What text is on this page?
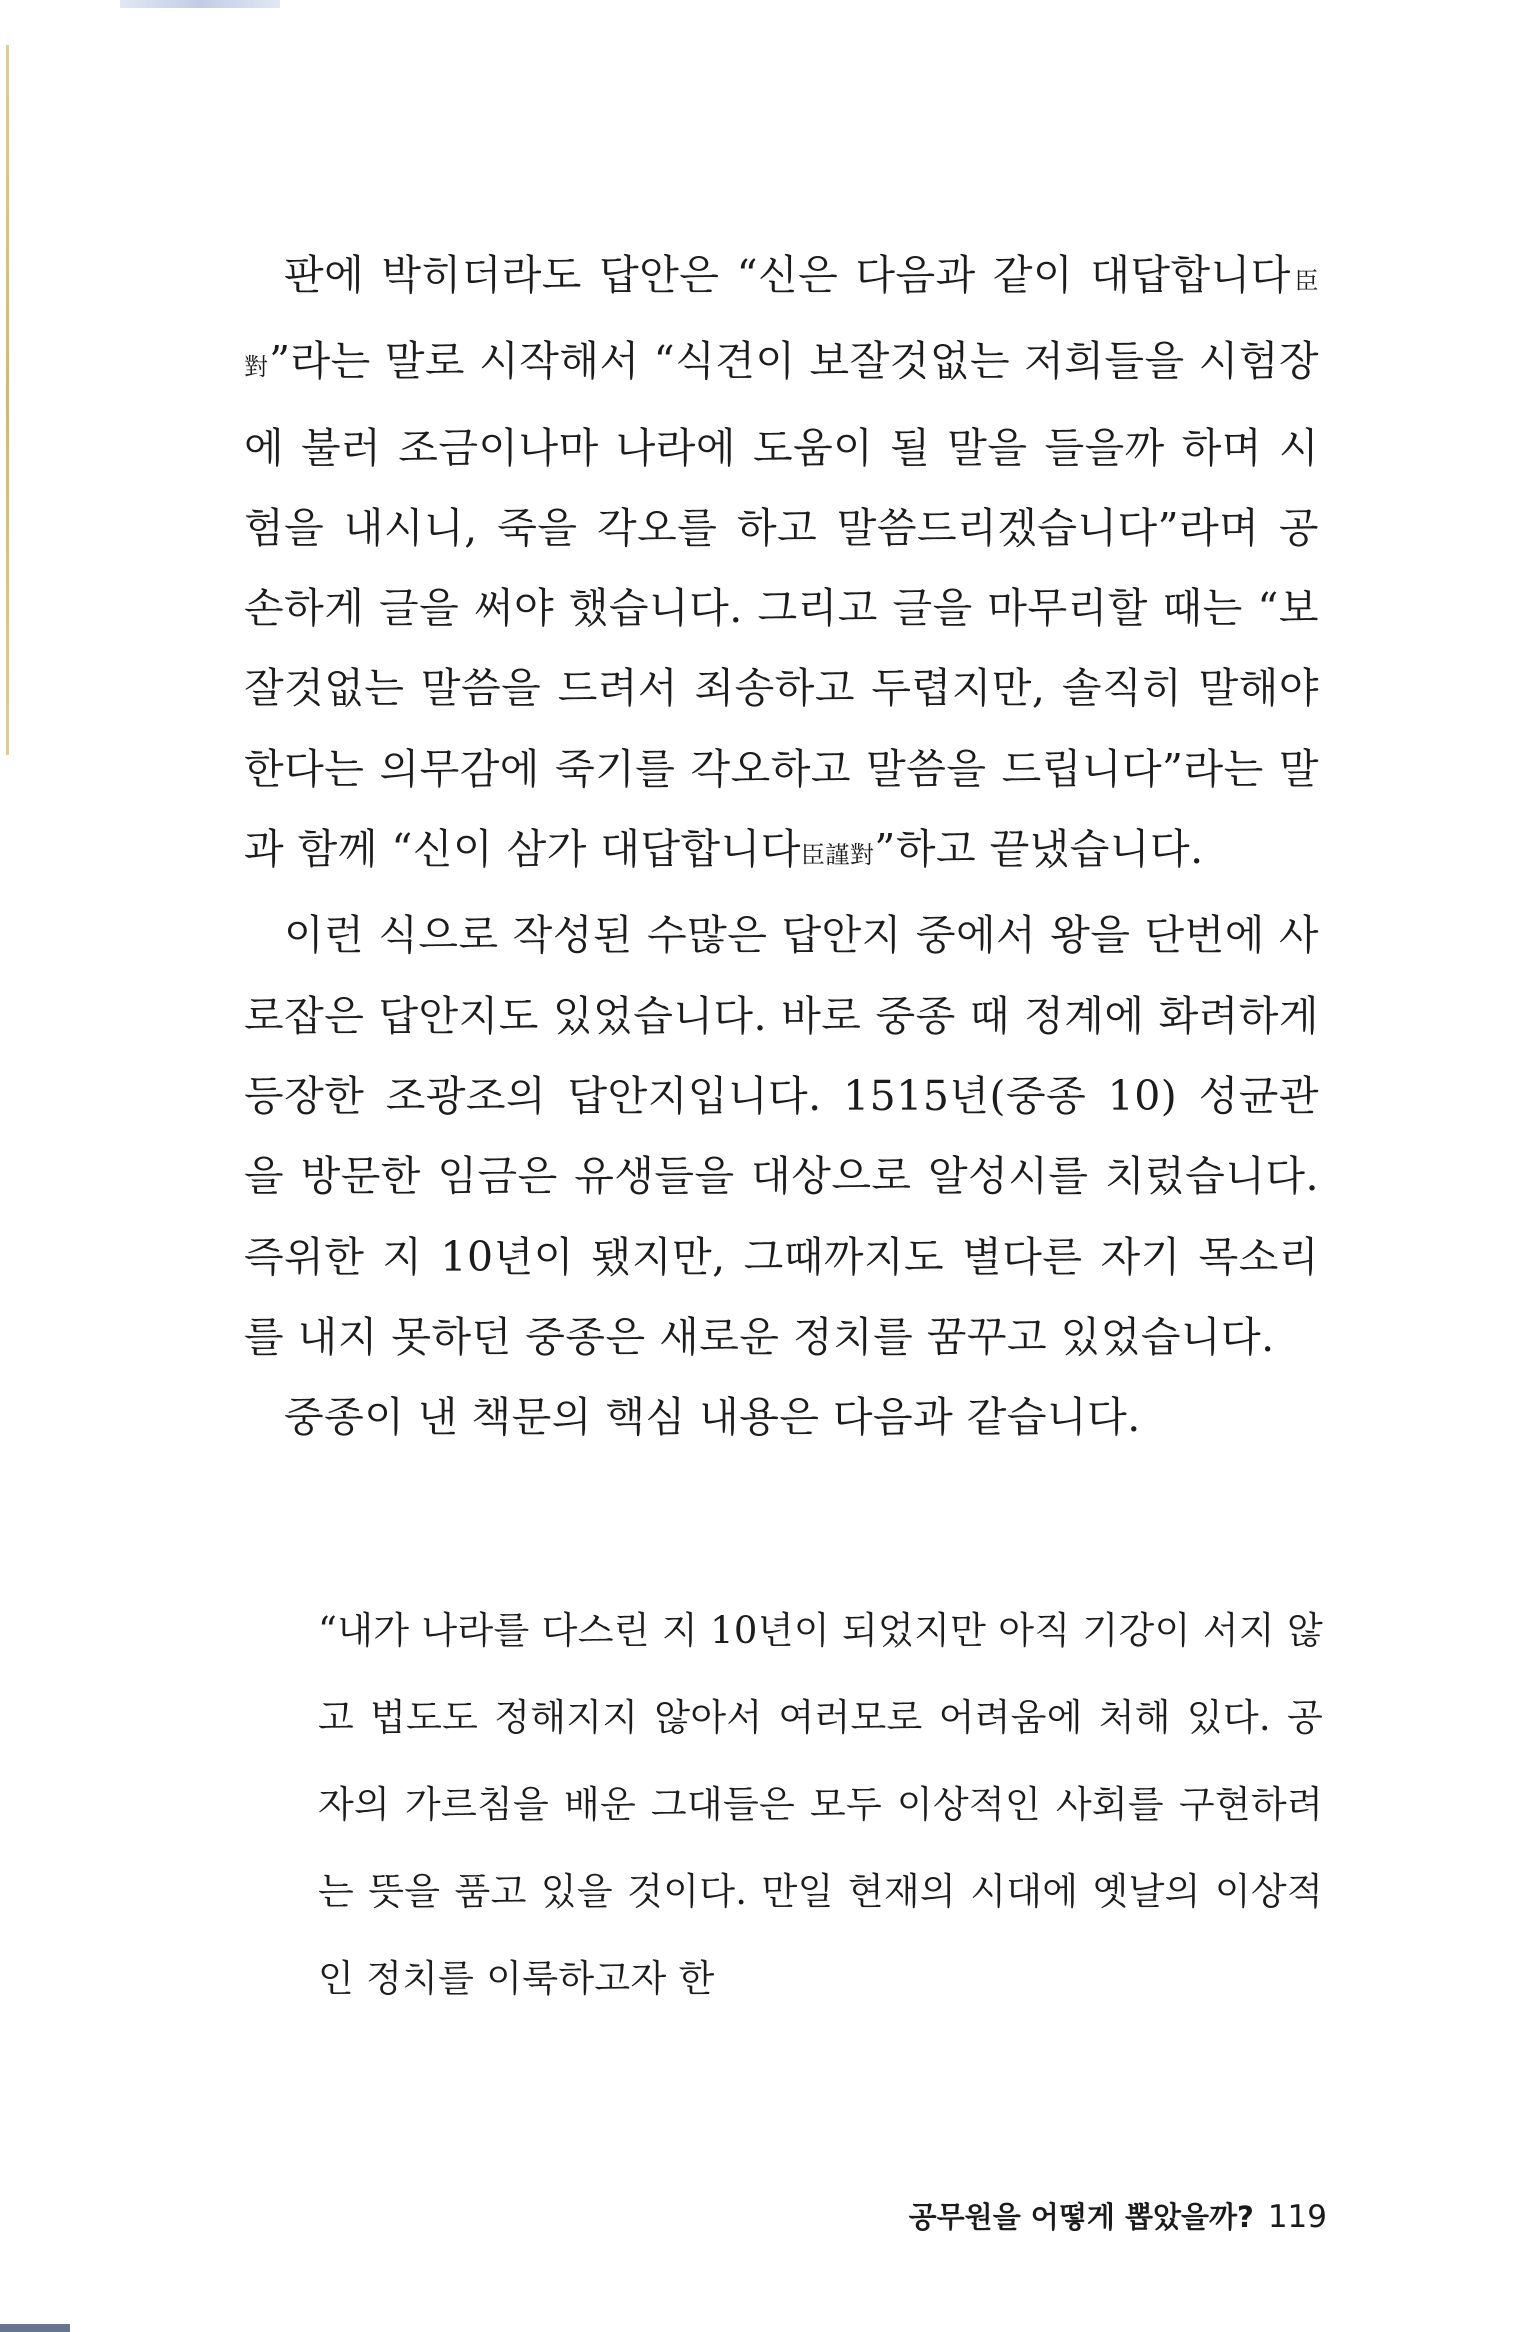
판에 박히더라도 답안은 “신은 다음과 같이 대답합니다臣對”라는 말로 시작해서 “식견이 보잘것없는 저희들을 시험장에 불러 조금이나마 나라에 도움이 될 말을 들을까 하며 시험을 내시니, 죽을 각오를 하고 말씀드리겠습니다”라며 공손하게 글을 써야 했습니다. 그리고 글을 마무리할 때는 “보잘것없는 말씀을 드려서 죄송하고 두렵지만, 솔직히 말해야 한다는 의무감에 죽기를 각오하고 말씀을 드립니다”라는 말과 함께 “신이 삼가 대답합니다臣謹對”하고 끝냈습니다.

이런 식으로 작성된 수많은 답안지 중에서 왕을 단번에 사로잡은 답안지도 있었습니다. 바로 중종 때 정계에 화려하게 등장한 조광조의 답안지입니다. 1515년(중종 10) 성균관을 방문한 임금은 유생들을 대상으로 알성시를 치렀습니다. 즉위한 지 10년이 됐지만, 그때까지도 별다른 자기 목소리를 내지 못하던 중종은 새로운 정치를 꿈꾸고 있었습니다.

중종이 낸 책문의 핵심 내용은 다음과 같습니다.

“내가 나라를 다스린 지 10년이 되었지만 아직 기강이 서지 않고 법도도 정해지지 않아서 여러모로 어려움에 처해 있다. 공자의 가르침을 배운 그대들은 모두 이상적인 사회를 구현하려는 뜻을 품고 있을 것이다. 만일 현재의 시대에 옛날의 이상적인 정치를 이룩하고자 한

공무원을 어떻게 뽑았을까? 119
